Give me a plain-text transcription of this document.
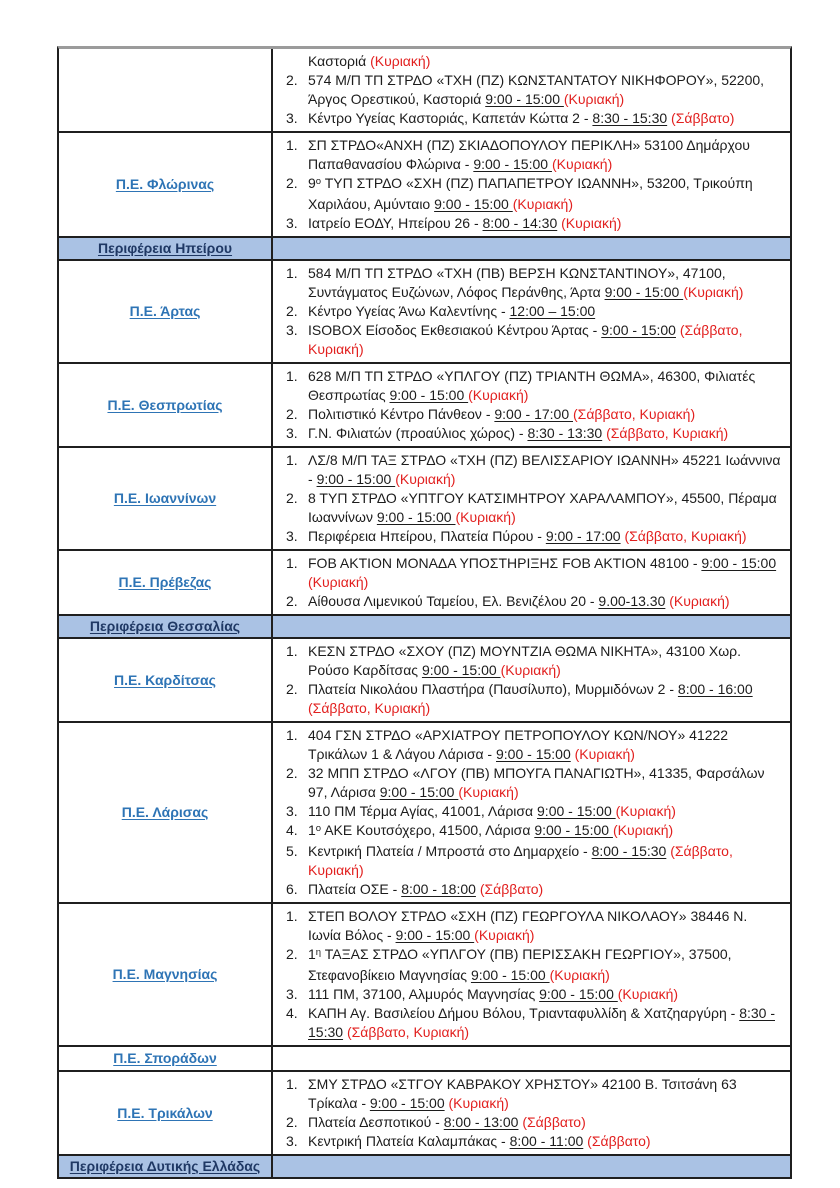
Καστοριά (Κυριακή)
2. 574 Μ/Π ΤΠ ΣΤΡΔΟ «ΤΧΗ (ΠΖ) ΚΩΝΣΤΑΝΤΑΤΟΥ ΝΙΚΗΦΟΡΟΥ», 52200, Άργος Ορεστικού, Καστοριά 9:00 - 15:00 (Κυριακή)
3. Κέντρο Υγείας Καστοριάς, Καπετάν Κώττα 2 - 8:30 - 15:30 (Σάββατο)
Π.Ε. Φλώρινας
1. ΣΠ ΣΤΡΔΟ«ΑΝΧΗ (ΠΖ) ΣΚΙΑΔΟΠΟΥΛΟΥ ΠΕΡΙΚΛΗ» 53100 Δημάρχου Παπαθανασίου Φλώρινα - 9:00 - 15:00 (Κυριακή)
2. $9^o$ ΤΥΠ ΣΤΡΔΟ «ΣΧΗ (ΠΖ) ΠΑΠΑΠΕΤΡΟΥ ΙΩΑΝΝΗ», 53200, Τρικούπη Χαριλάου, Αμύνταιο 9:00 - 15:00 (Κυριακή)
3. Ιατρείο ΕΟΔΥ, Ηπείρου 26 - 8:00 - 14:30 (Κυριακή)
Περιφέρεια Ηπείρου
Π.Ε. Άρτας
1. 584 Μ/Π ΤΠ ΣΤΡΔΟ «ΤΧΗ (ΠΒ) ΒΕΡΣΗ ΚΩΝΣΤΑΝΤΙΝΟΥ», 47100, Συντάγματος Ευζώνων, Λόφος Περάνθης, Άρτα 9:00 - 15:00 (Κυριακή)
2. Κέντρο Υγείας Άνω Καλεντίνης - 12:00 – 15:00
3. ISOBOX Είσοδος Εκθεσιακού Κέντρου Άρτας - 9:00 - 15:00 (Σάββατο, Κυριακή)
Π.Ε. Θεσπρωτίας
1. 628 Μ/Π ΤΠ ΣΤΡΔΟ «ΥΠΛΓΟΥ (ΠΖ) ΤΡΙΑΝΤΗ ΘΩΜΑ», 46300, Φιλιατές Θεσπρωτίας 9:00 - 15:00 (Κυριακή)
2. Πολιτιστικό Κέντρο Πάνθεον - 9:00 - 17:00 (Σάββατο, Κυριακή)
3. Γ.Ν. Φιλιατών (προαύλιος χώρος) - 8:30 - 13:30 (Σάββατο, Κυριακή)
Π.Ε. Ιωαννίνων
1. ΛΣ/8 Μ/Π ΤΑΞ ΣΤΡΔΟ «ΤΧΗ (ΠΖ) ΒΕΛΙΣΣΑΡΙΟΥ ΙΩΑΝΝΗ» 45221 Ιωάννινα - 9:00 - 15:00 (Κυριακή)
2. 8 ΤΥΠ ΣΤΡΔΟ «ΥΠΤΓΟΥ ΚΑΤΣΙΜΗΤΡΟΥ ΧΑΡΑΛΑΜΠΟΥ», 45500, Πέραμα Ιωαννίνων 9:00 - 15:00 (Κυριακή)
3. Περιφέρεια Ηπείρου, Πλατεία Πύρου - 9:00 - 17:00 (Σάββατο, Κυριακή)
Π.Ε. Πρέβεζας
1. FOB AKTION ΜΟΝΑΔΑ ΥΠΟΣΤΗΡΙΞΗΣ FOB AKTION 48100 - 9:00 - 15:00 (Κυριακή)
2. Αίθουσα Λιμενικού Ταμείου, Ελ. Βενιζέλου 20 - 9.00-13.30 (Κυριακή)
Περιφέρεια Θεσσαλίας
Π.Ε. Καρδίτσας
1. ΚΕΣΝ ΣΤΡΔΟ «ΣΧΟΥ (ΠΖ) ΜΟΥΝΤΖΙΑ ΘΩΜΑ ΝΙΚΗΤΑ», 43100 Χωρ. Ρούσο Καρδίτσας 9:00 - 15:00 (Κυριακή)
2. Πλατεία Νικολάου Πλαστήρα (Παυσίλυπο), Μυρμιδόνων 2 - 8:00 - 16:00 (Σάββατο, Κυριακή)
Π.Ε. Λάρισας
1. 404 ΓΣΝ ΣΤΡΔΟ «ΑΡΧΙΑΤΡΟΥ ΠΕΤΡΟΠΟΥΛΟΥ ΚΩΝ/ΝΟΥ» 41222 Τρικάλων 1 & Λάγου Λάρισα - 9:00 - 15:00 (Κυριακή)
2. 32 ΜΠΠ ΣΤΡΔΟ «ΛΓΟΥ (ΠΒ) ΜΠΟΥΓΑ ΠΑΝΑΓΙΩΤΗ», 41335, Φαρσάλων 97, Λάρισα 9:00 - 15:00 (Κυριακή)
3. 110 ΠΜ Τέρμα Αγίας, 41001, Λάρισα 9:00 - 15:00 (Κυριακή)
4. $1^o$ ΑΚΕ Κουτσόχερο, 41500, Λάρισα 9:00 - 15:00 (Κυριακή)
5. Κεντρική Πλατεία / Μπροστά στο Δημαρχείο - 8:00 - 15:30 (Σάββατο, Κυριακή)
6. Πλατεία ΟΣΕ - 8:00 - 18:00 (Σάββατο)
Π.Ε. Μαγνησίας
1. ΣΤΕΠ ΒΟΛΟΥ ΣΤΡΔΟ «ΣΧΗ (ΠΖ) ΓΕΩΡΓΟΥΛΑ ΝΙΚΟΛΑΟΥ» 38446 Ν. Ιωνία Βόλος - 9:00 - 15:00 (Κυριακή)
2. $1^\eta$ ΤΑΞΑΣ ΣΤΡΔΟ «ΥΠΛΓΟΥ (ΠΒ) ΠΕΡΙΣΣΑΚΗ ΓΕΩΡΓΙΟΥ», 37500, Στεφανοβίκειο Μαγνησίας 9:00 - 15:00 (Κυριακή)
3. 111 ΠΜ, 37100, Αλμυρός Μαγνησίας 9:00 - 15:00 (Κυριακή)
4. ΚΑΠΗ Αγ. Βασιλείου Δήμου Βόλου, Τριανταφυλλίδη & Χατζηαργύρη - 8:30 - 15:30 (Σάββατο, Κυριακή)
Π.Ε. Σποράδων
Π.Ε. Τρικάλων
1. ΣΜΥ ΣΤΡΔΟ «ΣΤΓΟΥ ΚΑΒΡΑΚΟΥ ΧΡΗΣΤΟΥ» 42100 Β. Τσιτσάνη 63 Τρίκαλα - 9:00 - 15:00 (Κυριακή)
2. Πλατεία Δεσποτικού - 8:00 - 13:00 (Σάββατο)
3. Κεντρική Πλατεία Καλαμπάκας - 8:00 - 11:00 (Σάββατο)
Περιφέρεια Δυτικής Ελλάδας
